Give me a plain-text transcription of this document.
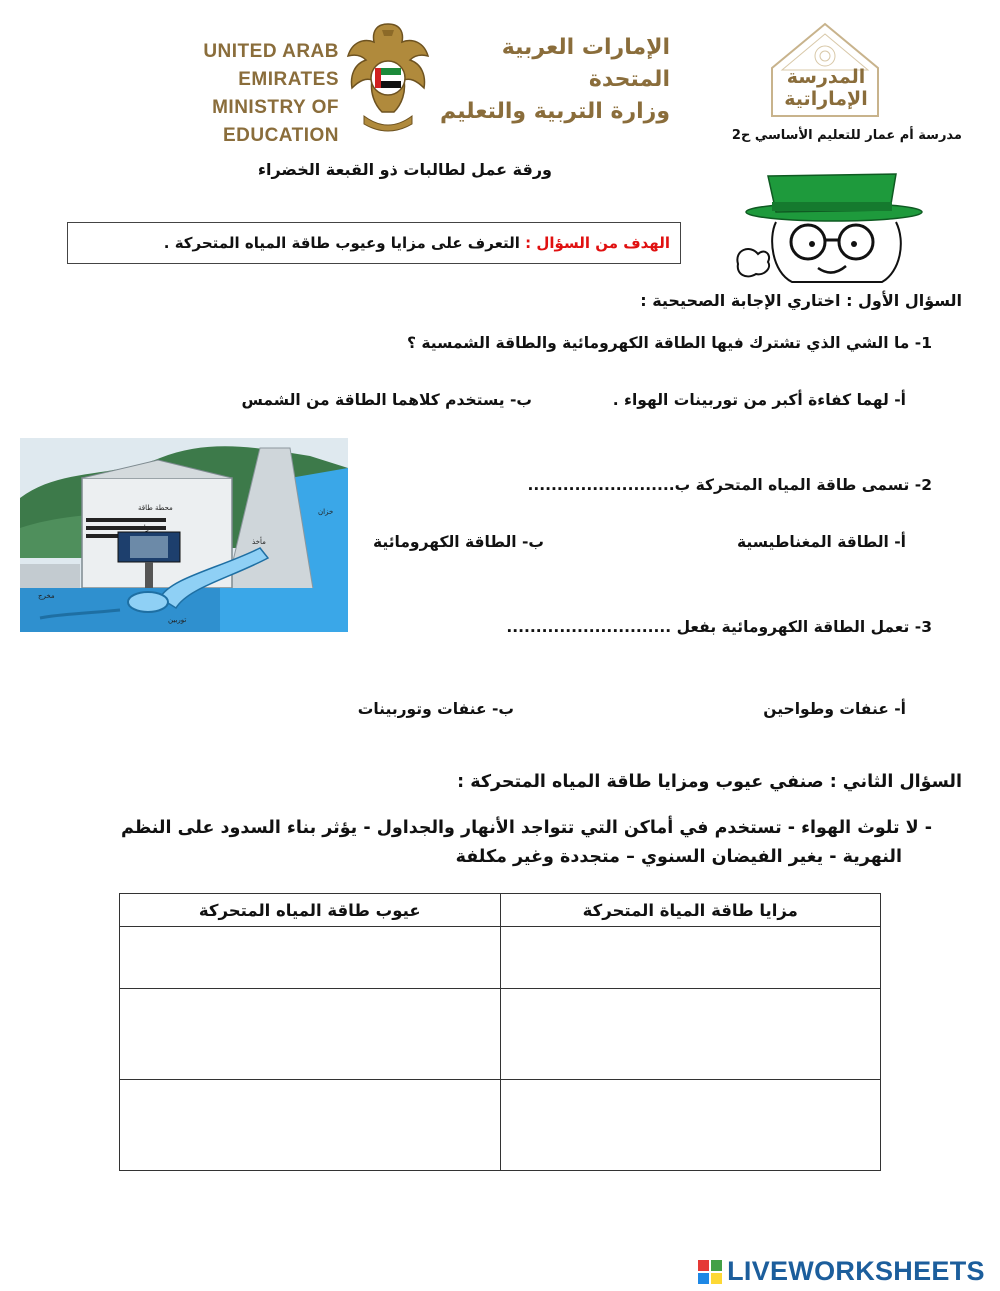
UNITED ARAB EMIRATES
MINISTRY OF EDUCATION
الإمارات العربية المتحدة
وزارة التربية والتعليم
المدرسة الإماراتية
مدرسة أم عمار للتعليم الأساسي ح2
ورقة عمل لطالبات ذو القبعة الخضراء
الهدف من السؤال : التعرف على مزايا وعيوب طاقة المياه المتحركة .
السؤال الأول : اختاري الإجابة الصحيحية :
1- ما الشي الذي تشترك فيها الطاقة الكهرومائية والطاقة الشمسية ؟
أ- لهما كفاءة أكبر من توربينات الهواء .
ب- يستخدم كلاهما الطاقة من الشمس
محطة طاقة
مولد
توربين
خزان
مأخذ
مخرج
2- تسمى طاقة المياه المتحركة ب.........................
أ- الطاقة المغناطيسية
ب- الطاقة الكهرومائية
3- تعمل الطاقة الكهرومائية بفعل ............................
أ- عنفات وطواحين
ب- عنفات وتوربينات
السؤال الثاني : صنفي عيوب ومزايا طاقة المياه المتحركة :
- لا تلوث الهواء - تستخدم في أماكن التي تتواجد الأنهار والجداول - يؤثر بناء السدود على النظم
النهرية - يغير الفيضان السنوي – متجددة وغير مكلفة
عيوب طاقة المياه المتحركة	مزايا طاقة المياة المتحركة

LIVEWORKSHEETS
